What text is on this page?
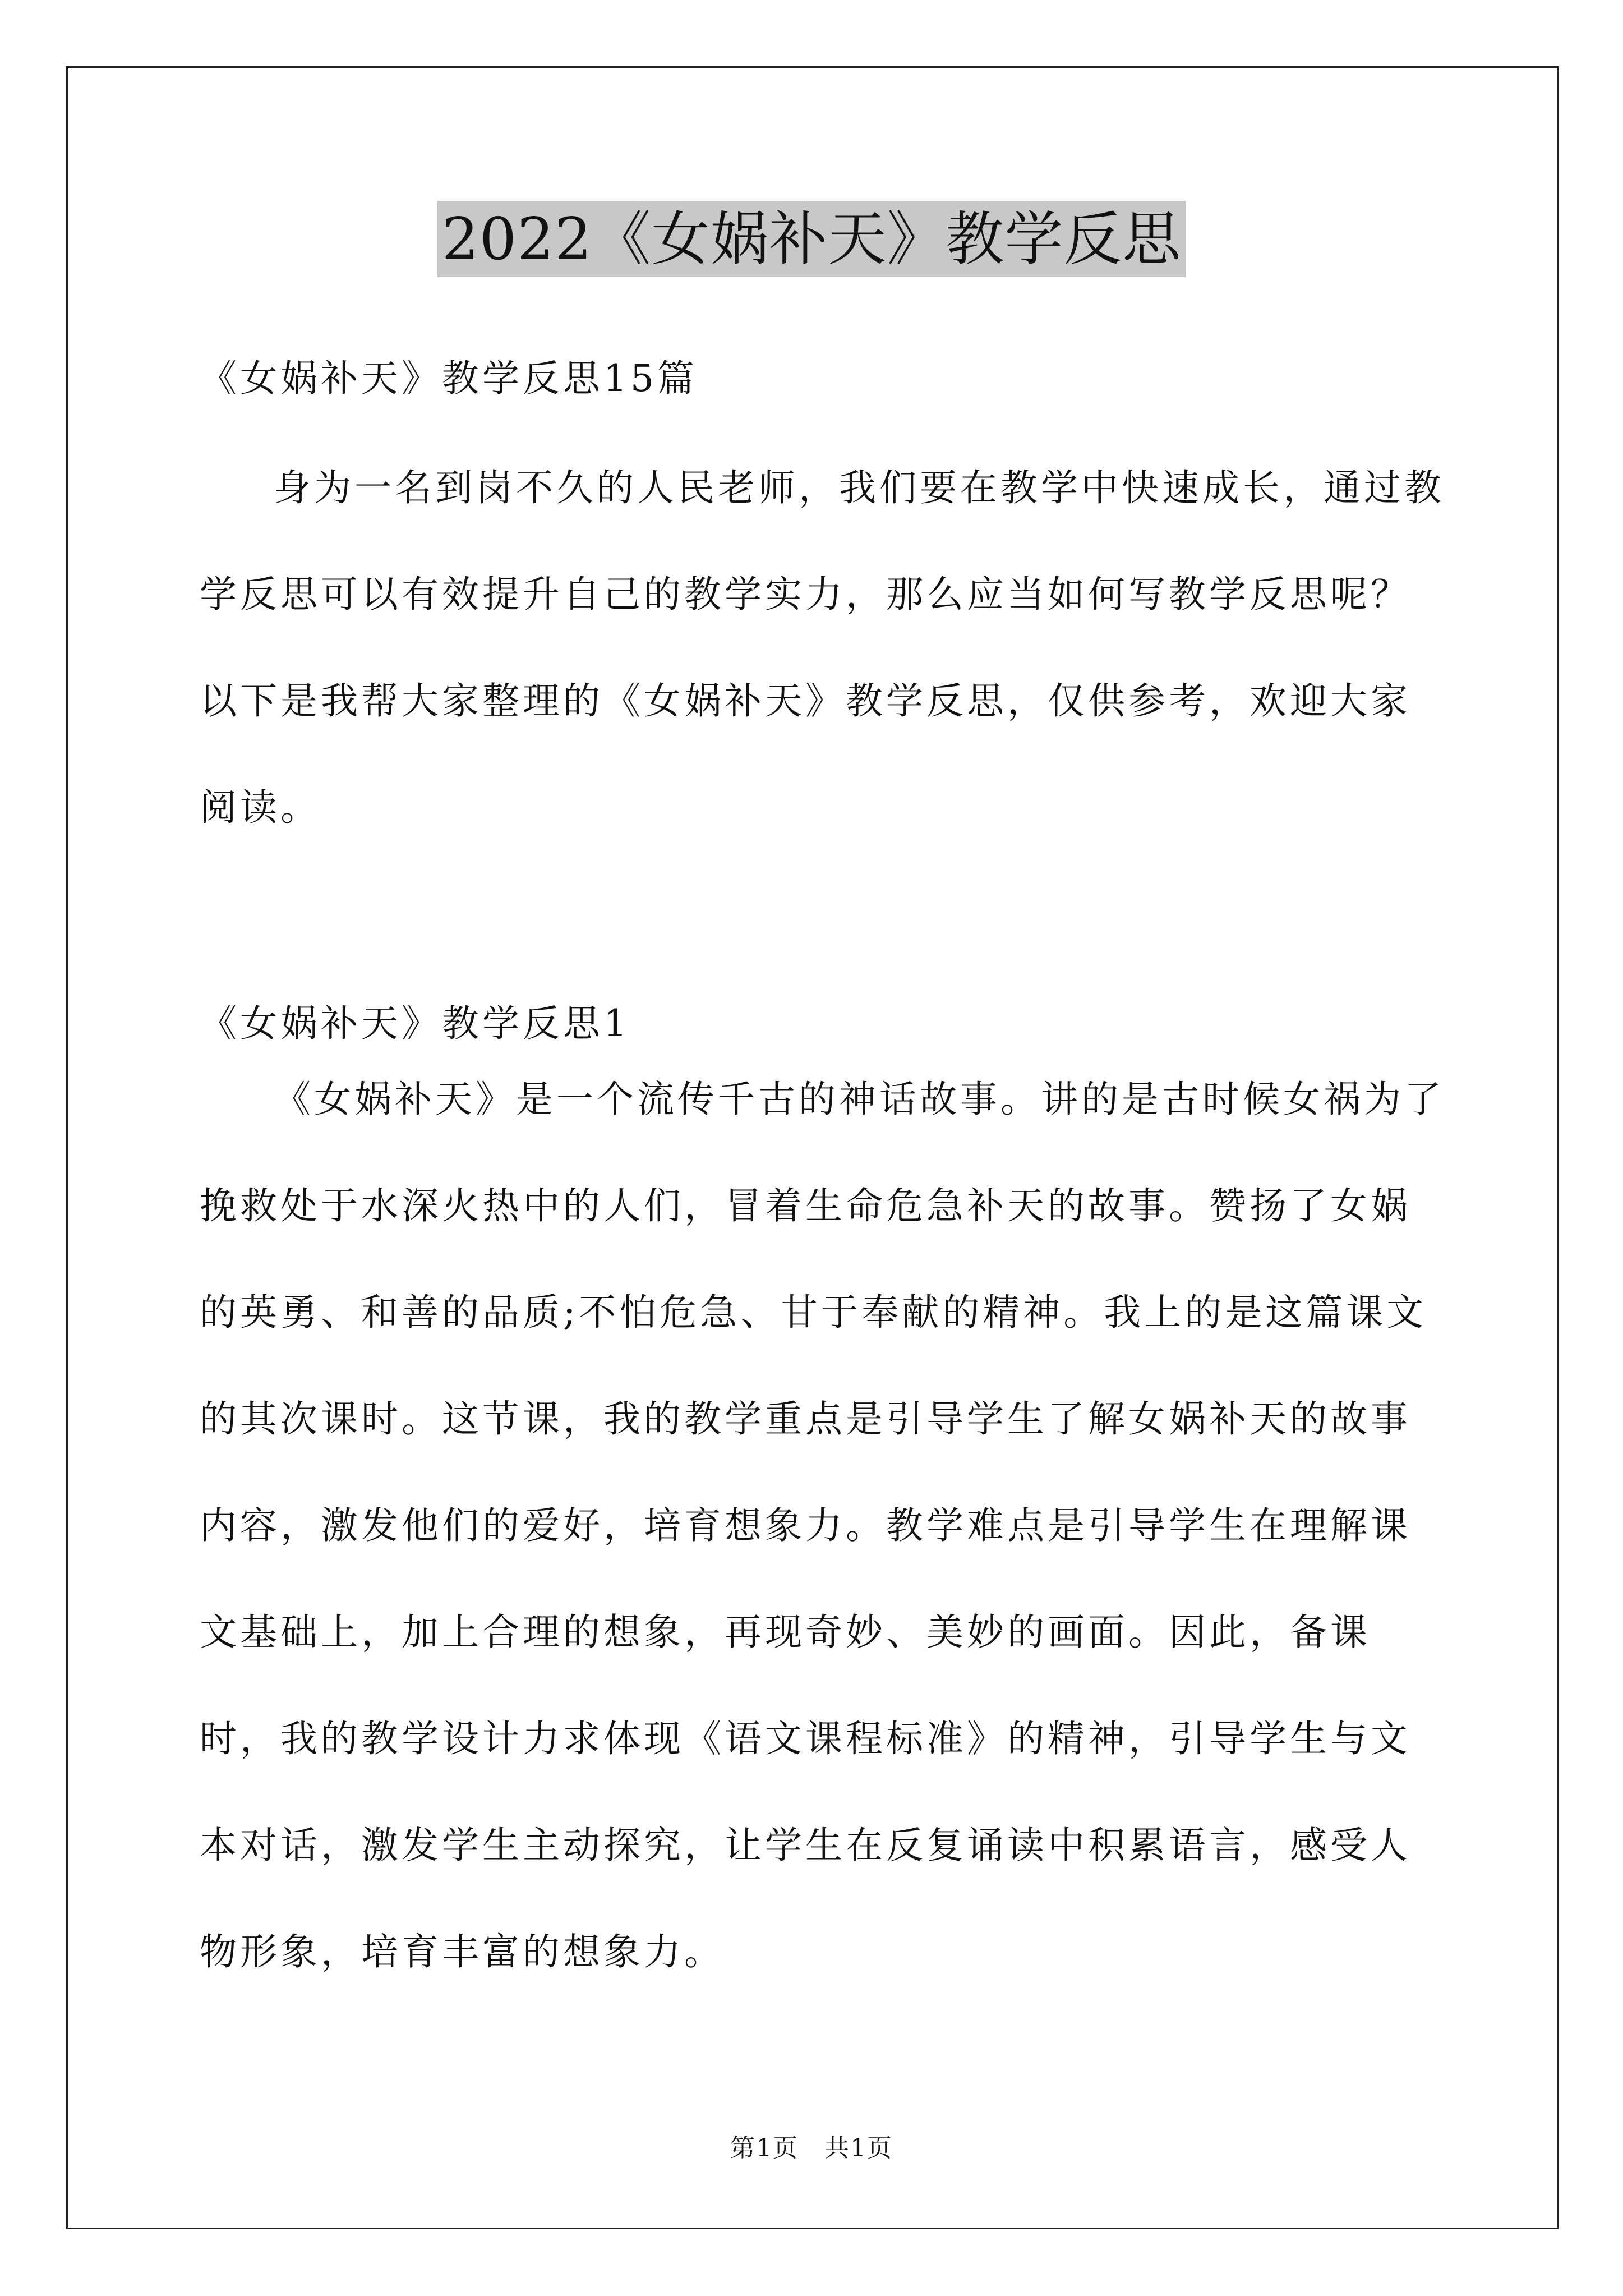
2022《女娲补天》教学反思
《女娲补天》教学反思15篇

身为一名到岗不久的人民老师，我们要在教学中快速成长，通过教学反思可以有效提升自己的教学实力，那么应当如何写教学反思呢？以下是我帮大家整理的《女娲补天》教学反思，仅供参考，欢迎大家阅读。

《女娲补天》教学反思1

《女娲补天》是一个流传千古的神话故事。讲的是古时候女祸为了挽救处于水深火热中的人们，冒着生命危急补天的故事。赞扬了女娲的英勇、和善的品质;不怕危急、甘于奉献的精神。我上的是这篇课文的其次课时。这节课，我的教学重点是引导学生了解女娲补天的故事内容，激发他们的爱好，培育想象力。教学难点是引导学生在理解课文基础上，加上合理的想象，再现奇妙、美妙的画面。因此，备课时，我的教学设计力求体现《语文课程标准》的精神，引导学生与文本对话，激发学生主动探究，让学生在反复诵读中积累语言，感受人物形象，培育丰富的想象力。

第1页　共1页
